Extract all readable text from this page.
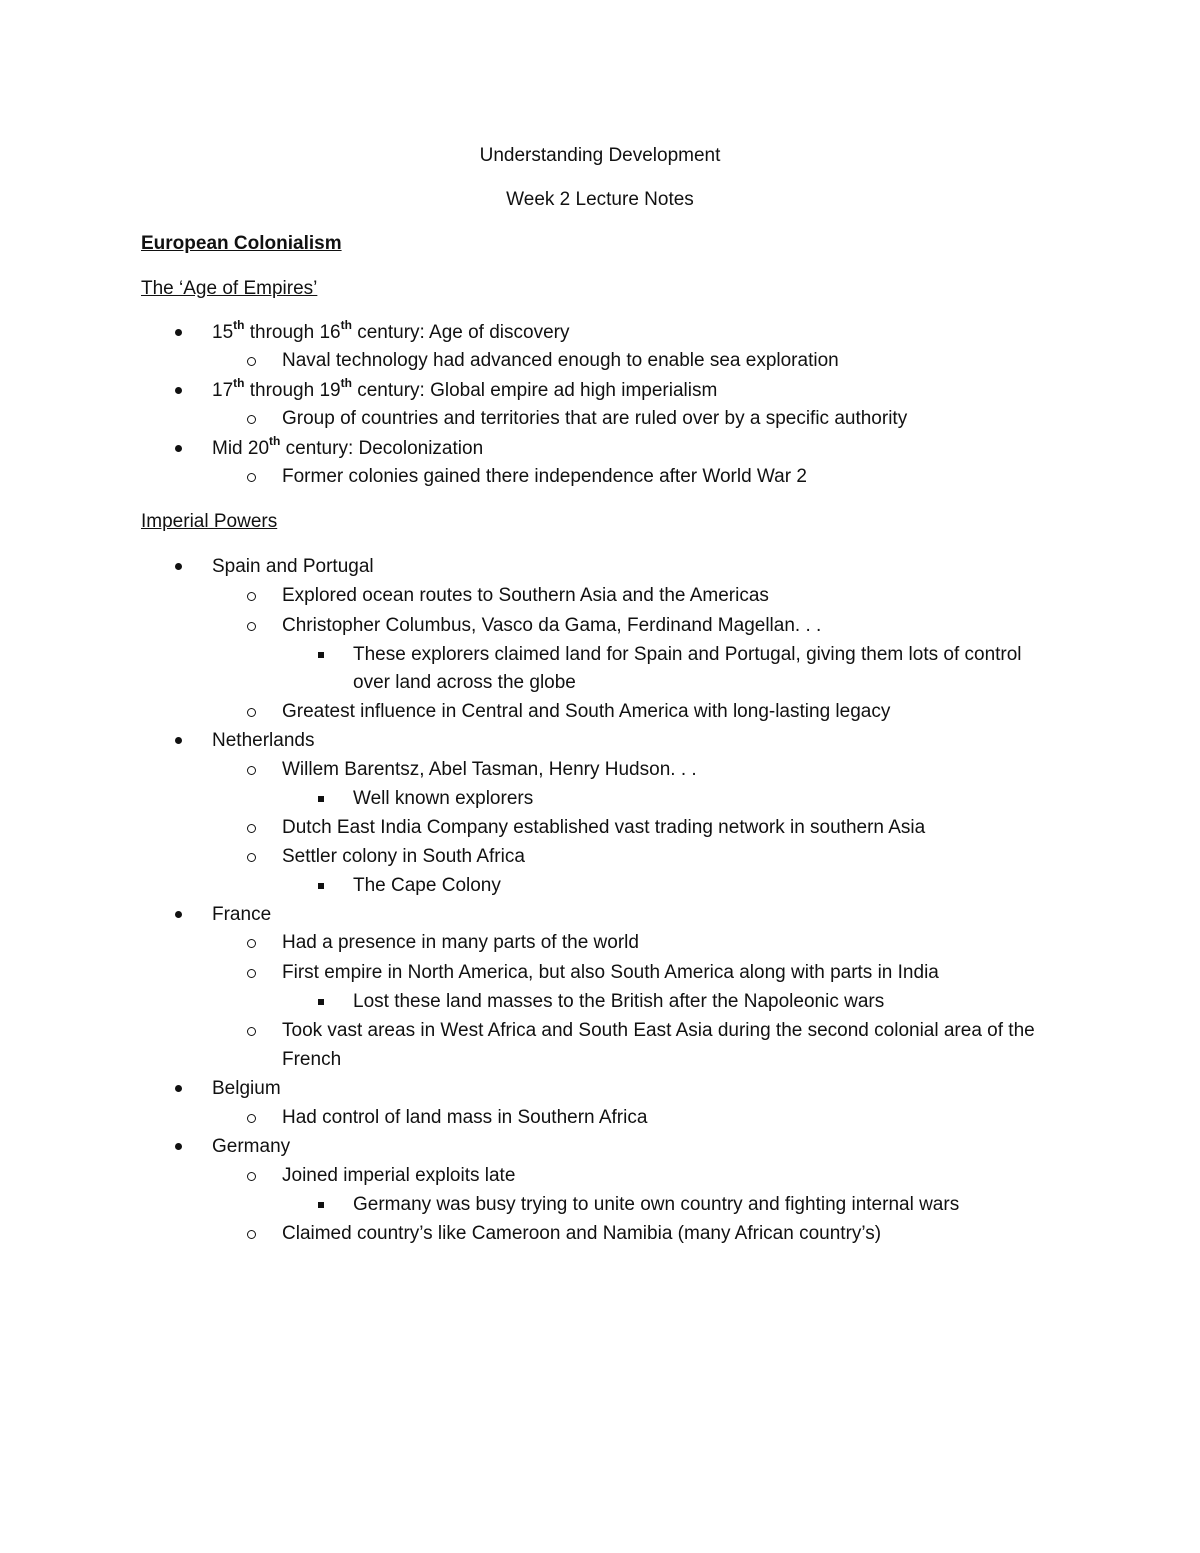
Understanding Development
Week 2 Lecture Notes
European Colonialism
The ‘Age of Empires’
15th through 16th century: Age of discovery
Naval technology had advanced enough to enable sea exploration
17th through 19th century: Global empire ad high imperialism
Group of countries and territories that are ruled over by a specific authority
Mid 20th century: Decolonization
Former colonies gained there independence after World War 2
Imperial Powers
Spain and Portugal
Explored ocean routes to Southern Asia and the Americas
Christopher Columbus, Vasco da Gama, Ferdinand Magellan. . .
These explorers claimed land for Spain and Portugal, giving them lots of control
over land across the globe
Greatest influence in Central and South America with long-lasting legacy
Netherlands
Willem Barentsz, Abel Tasman, Henry Hudson. . .
Well known explorers
Dutch East India Company established vast trading network in southern Asia
Settler colony in South Africa
The Cape Colony
France
Had a presence in many parts of the world
First empire in North America, but also South America along with parts in India
Lost these land masses to the British after the Napoleonic wars
Took vast areas in West Africa and South East Asia during the second colonial area of the
French
Belgium
Had control of land mass in Southern Africa
Germany
Joined imperial exploits late
Germany was busy trying to unite own country and fighting internal wars
Claimed country’s like Cameroon and Namibia (many African country’s)
